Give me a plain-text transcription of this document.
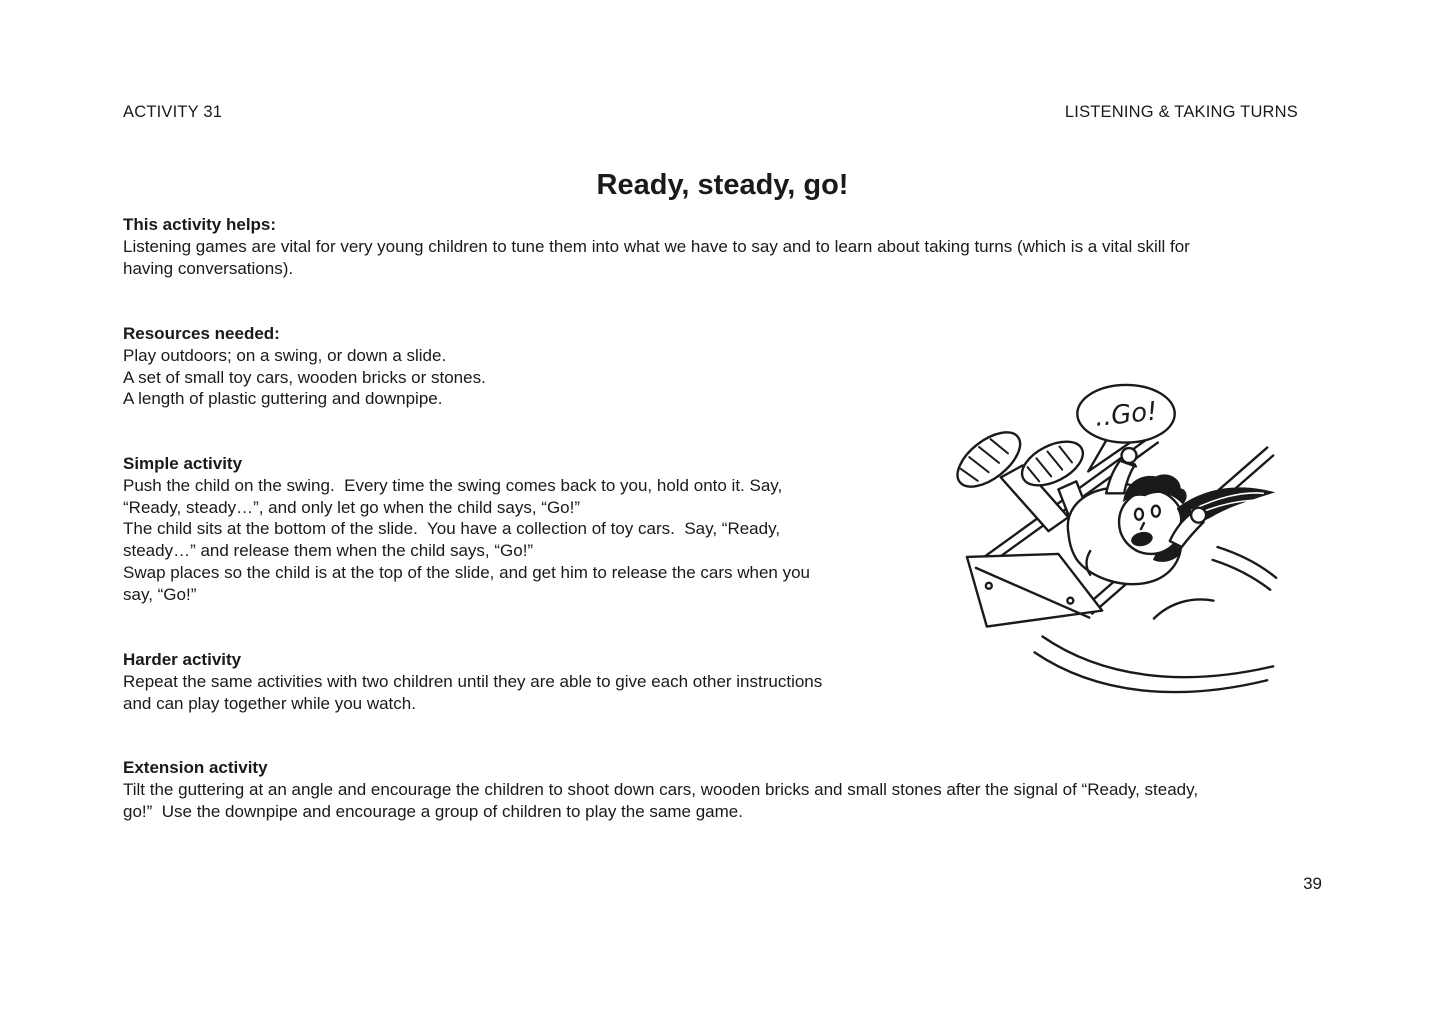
ACTIVITY 31	LISTENING & TAKING TURNS
Ready, steady, go!
This activity helps:
Listening games are vital for very young children to tune them into what we have to say and to learn about taking turns (which is a vital skill for
having conversations).
Resources needed:
Play outdoors; on a swing, or down a slide.
A set of small toy cars, wooden bricks or stones.
A length of plastic guttering and downpipe.
Simple activity
Push the child on the swing.  Every time the swing comes back to you, hold onto it. Say,
“Ready, steady…”, and only let go when the child says, “Go!”
The child sits at the bottom of the slide.  You have a collection of toy cars.  Say, “Ready,
steady…” and release them when the child says, “Go!”
Swap places so the child is at the top of the slide, and get him to release the cars when you
say, “Go!”
Harder activity
Repeat the same activities with two children until they are able to give each other instructions
and can play together while you watch.
Extension activity
Tilt the guttering at an angle and encourage the children to shoot down cars, wooden bricks and small stones after the signal of “Ready, steady,
go!”  Use the downpipe and encourage a group of children to play the same game.
..Go!
39
